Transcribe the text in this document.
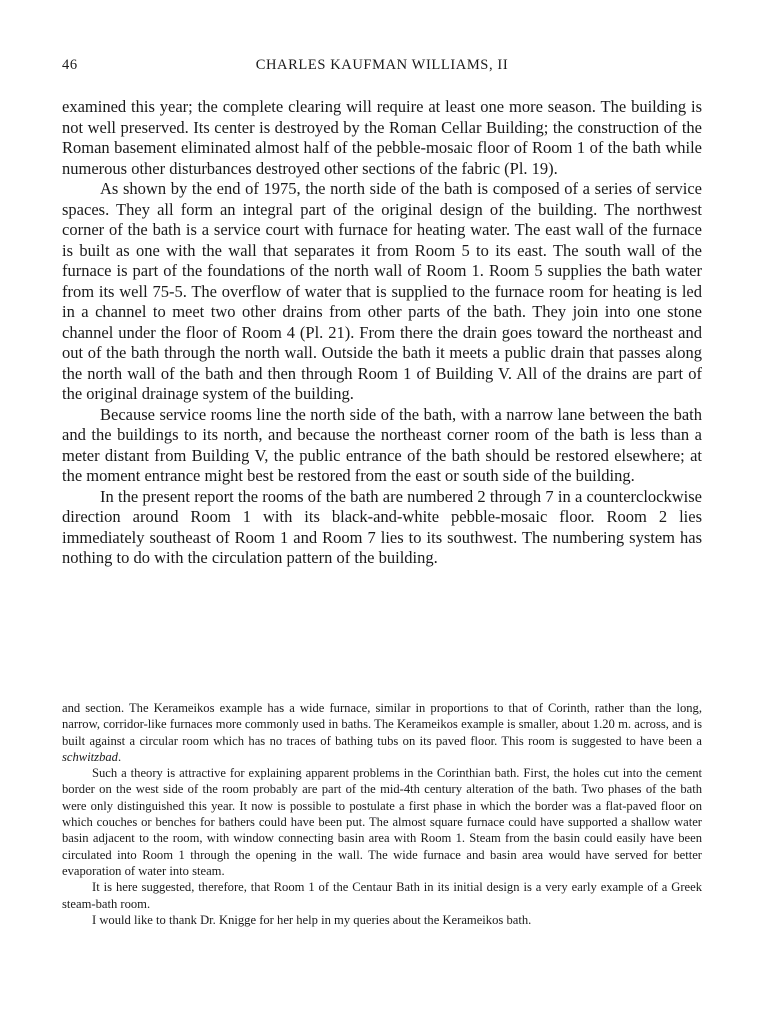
46	CHARLES KAUFMAN WILLIAMS, II

examined this year; the complete clearing will require at least one more season. The building is not well preserved. Its center is destroyed by the Roman Cellar Building; the construction of the Roman basement eliminated almost half of the pebble-mosaic floor of Room 1 of the bath while numerous other disturbances destroyed other sections of the fabric (Pl. 19).

As shown by the end of 1975, the north side of the bath is composed of a series of service spaces. They all form an integral part of the original design of the building. The northwest corner of the bath is a service court with furnace for heating water. The east wall of the furnace is built as one with the wall that separates it from Room 5 to its east. The south wall of the furnace is part of the foundations of the north wall of Room 1. Room 5 supplies the bath water from its well 75-5. The overflow of water that is supplied to the furnace room for heating is led in a channel to meet two other drains from other parts of the bath. They join into one stone channel under the floor of Room 4 (Pl. 21). From there the drain goes toward the northeast and out of the bath through the north wall. Outside the bath it meets a public drain that passes along the north wall of the bath and then through Room 1 of Building V. All of the drains are part of the original drainage system of the building.

Because service rooms line the north side of the bath, with a narrow lane between the bath and the buildings to its north, and because the northeast corner room of the bath is less than a meter distant from Building V, the public entrance of the bath should be restored elsewhere; at the moment entrance might best be restored from the east or south side of the building.

In the present report the rooms of the bath are numbered 2 through 7 in a counterclockwise direction around Room 1 with its black-and-white pebble-mosaic floor. Room 2 lies immediately southeast of Room 1 and Room 7 lies to its southwest. The numbering system has nothing to do with the circulation pattern of the building.

and section. The Kerameikos example has a wide furnace, similar in proportions to that of Corinth, rather than the long, narrow, corridor-like furnaces more commonly used in baths. The Kerameikos example is smaller, about 1.20 m. across, and is built against a circular room which has no traces of bathing tubs on its paved floor. This room is suggested to have been a schwitzbad.

Such a theory is attractive for explaining apparent problems in the Corinthian bath. First, the holes cut into the cement border on the west side of the room probably are part of the mid-4th century alteration of the bath. Two phases of the bath were only distinguished this year. It now is possible to postulate a first phase in which the border was a flat-paved floor on which couches or benches for bathers could have been put. The almost square furnace could have supported a shallow water basin adjacent to the room, with window connecting basin area with Room 1. Steam from the basin could easily have been circulated into Room 1 through the opening in the wall. The wide furnace and basin area would have served for better evaporation of water into steam.

It is here suggested, therefore, that Room 1 of the Centaur Bath in its initial design is a very early example of a Greek steam-bath room.

I would like to thank Dr. Knigge for her help in my queries about the Kerameikos bath.
